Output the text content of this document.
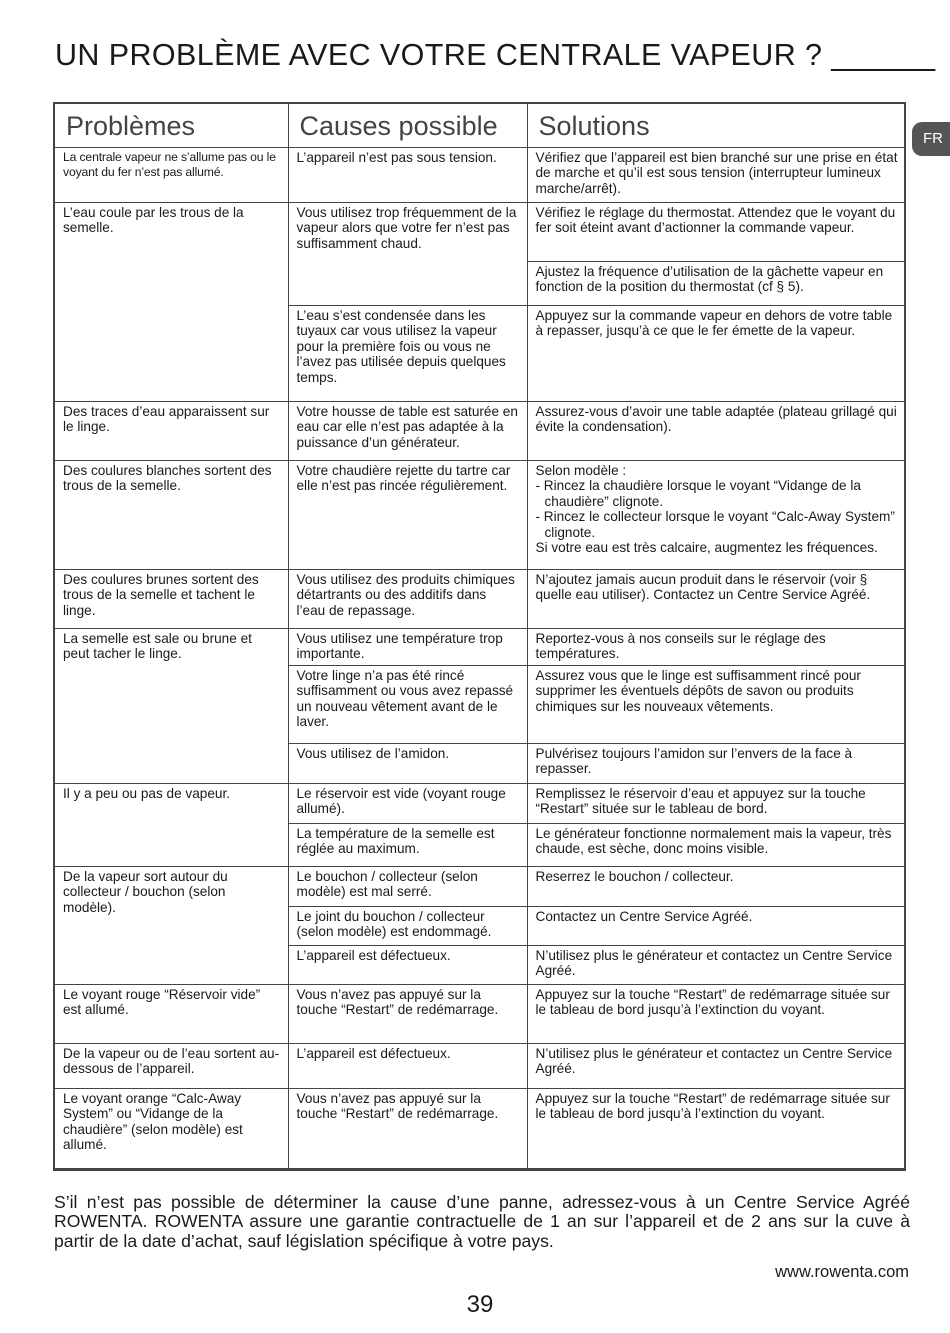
UN PROBLÈME AVEC VOTRE CENTRALE VAPEUR ? ______
FR
Problèmes	Causes possible	Solutions
La centrale vapeur ne s’allume pas ou le voyant du fer n’est pas allumé.	L’appareil n’est pas sous tension.	Vérifiez que l’appareil est bien branché sur une prise en état de marche et qu’il est sous tension (interrupteur lumineux marche/arrêt).
L’eau coule par les trous de la semelle.	Vous utilisez trop fréquemment de la vapeur alors que votre fer n’est pas suffisamment chaud.	Vérifiez le réglage du thermostat. Attendez que le voyant du fer soit éteint avant d’actionner la commande vapeur.
		Ajustez la fréquence d’utilisation de la gâchette vapeur en fonction de la position du thermostat (cf § 5).
	L’eau s’est condensée dans les tuyaux car vous utilisez la vapeur pour la première fois ou vous ne l’avez pas utilisée depuis quelques temps.	Appuyez sur la commande vapeur en dehors de votre table à repasser, jusqu’à ce que le fer émette de la vapeur.
Des traces d’eau apparaissent sur le linge.	Votre housse de table est saturée en eau car elle n’est pas adaptée à la puissance d’un générateur.	Assurez-vous d’avoir une table adaptée (plateau grillagé qui évite la condensation).
Des coulures blanches sortent des trous de la semelle.	Votre chaudière rejette du tartre car elle n’est pas rincée régulièrement.	Selon modèle :
- Rincez la chaudière lorsque le voyant “Vidange de la chaudière” clignote.
- Rincez le collecteur lorsque le voyant “Calc-Away System” clignote.
Si votre eau est très calcaire, augmentez les fréquences.

Des coulures brunes sortent des trous de la semelle et tachent le linge.	Vous utilisez des produits chimiques détartrants ou des additifs dans l’eau de repassage.	N’ajoutez jamais aucun produit dans le réservoir (voir § quelle eau utiliser). Contactez un Centre Service Agréé.
La semelle est sale ou brune et peut tacher le linge.	Vous utilisez une température trop importante.	Reportez-vous à nos conseils sur le réglage des températures.
	Votre linge n’a pas été rincé suffisamment ou vous avez repassé un nouveau vêtement avant de le laver.	Assurez vous que le linge est suffisamment rincé pour supprimer les éventuels dépôts de savon ou produits chimiques sur les nouveaux vêtements.
	Vous utilisez de l’amidon.	Pulvérisez toujours l’amidon sur l’envers de la face à repasser.
Il y a peu ou pas de vapeur.	Le réservoir est vide (voyant rouge allumé).	Remplissez le réservoir d’eau et appuyez sur la touche “Restart” située sur le tableau de bord.
	La température de la semelle est réglée au maximum.	Le générateur fonctionne normalement mais la vapeur, très chaude, est sèche, donc moins visible.
De la vapeur sort autour du collecteur / bouchon (selon modèle).	Le bouchon / collecteur (selon modèle) est mal serré.	Reserrez le bouchon / collecteur.
	Le joint du bouchon / collecteur (selon modèle) est endommagé.	Contactez un Centre Service Agréé.
	L’appareil est défectueux.	N’utilisez plus le générateur et contactez un Centre Service Agréé.
Le voyant rouge “Réservoir vide” est allumé.	Vous n’avez pas appuyé sur la touche “Restart” de redémarrage.	Appuyez sur la touche “Restart” de redémarrage située sur le tableau de bord jusqu’à l’extinction du voyant.
De la vapeur ou de l’eau sortent au-dessous de l’appareil.	L’appareil est défectueux.	N’utilisez plus le générateur et contactez un Centre Service Agréé.
Le voyant orange “Calc-Away System” ou “Vidange de la chaudière” (selon modèle) est allumé.	Vous n’avez pas appuyé sur la touche “Restart” de redémarrage.	Appuyez sur la touche “Restart” de redémarrage située sur le tableau de bord jusqu’à l’extinction du voyant.
S’il n’est pas possible de déterminer la cause d’une panne, adressez-vous à un Centre Service Agréé ROWENTA. ROWENTA assure une garantie contractuelle de 1 an sur l’appareil et de 2 ans sur la cuve à partir de la date d’achat, sauf législation spécifique à votre pays.
www.rowenta.com
39
